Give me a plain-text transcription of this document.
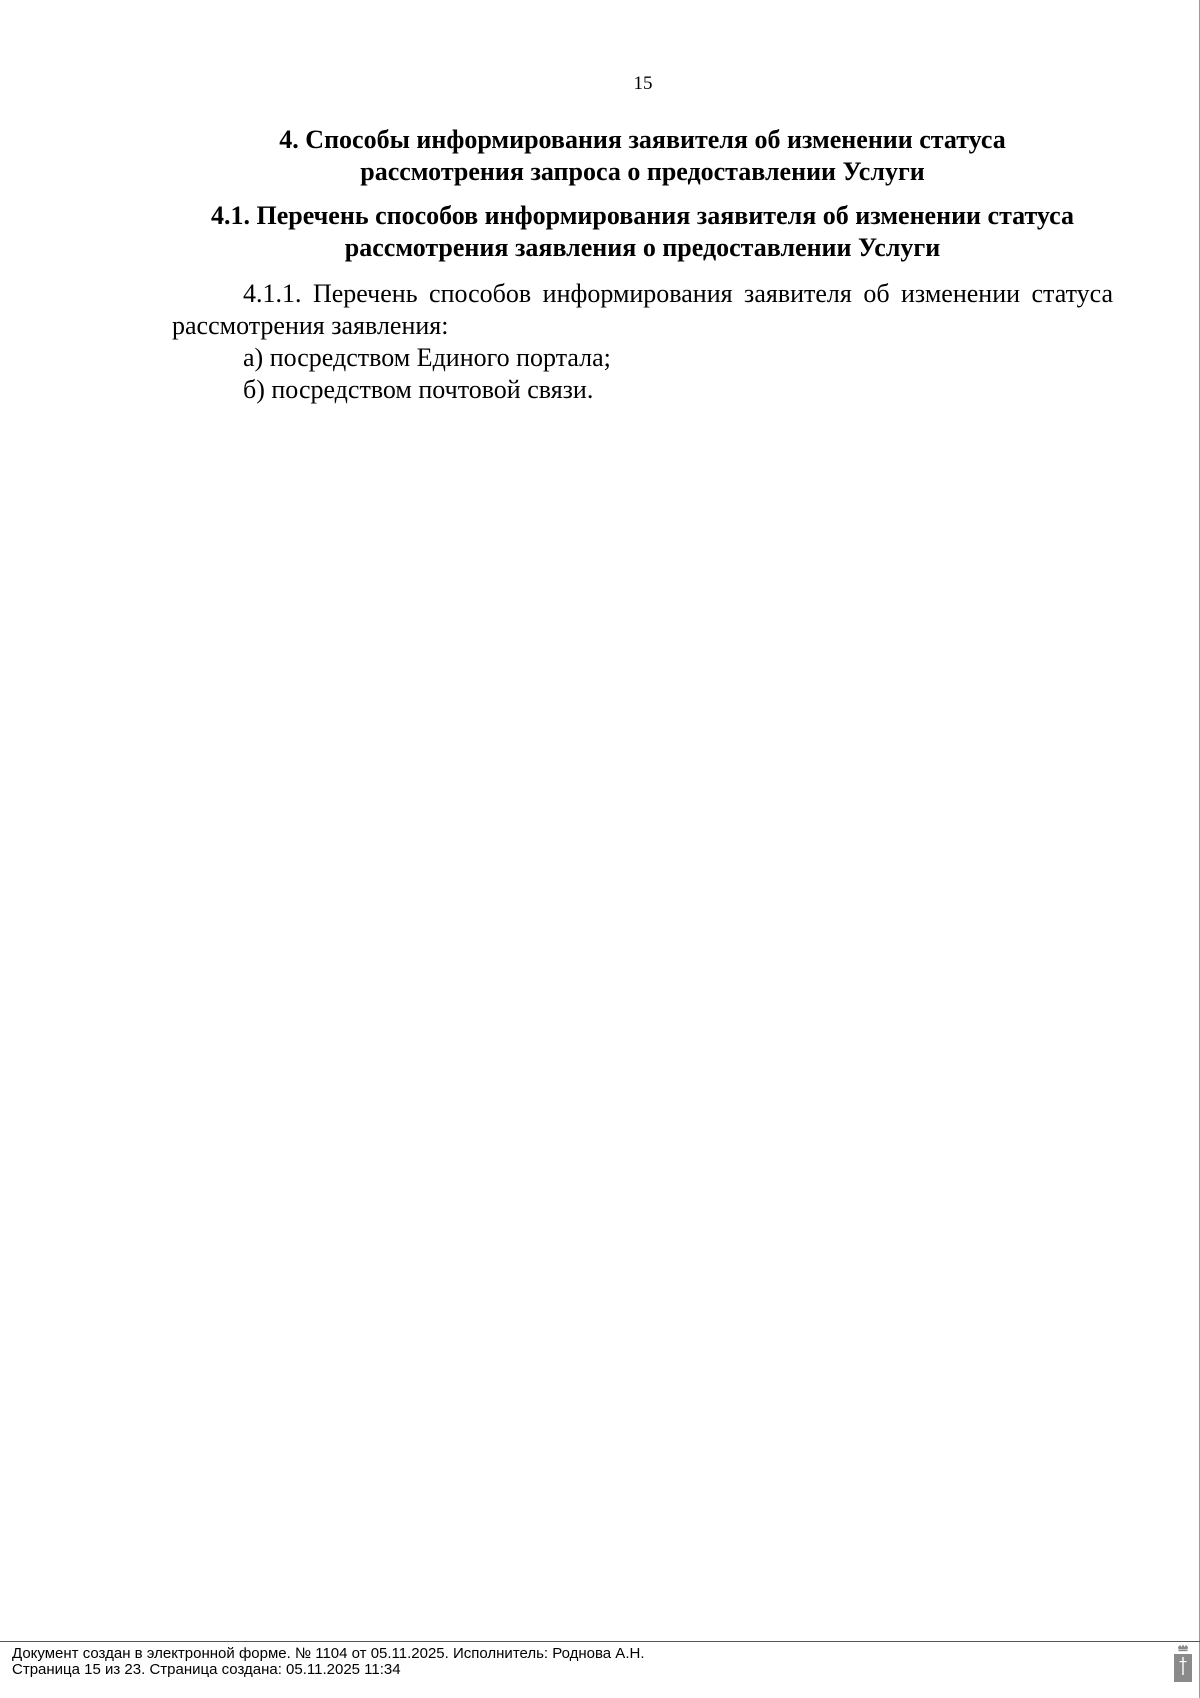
15
4. Способы информирования заявителя об изменении статуса
рассмотрения запроса о предоставлении Услуги
4.1. Перечень способов информирования заявителя об изменении статуса
рассмотрения заявления о предоставлении Услуги

4.1.1. Перечень способов информирования заявителя об изменении статуса рассмотрения заявления:

а) посредством Единого портала;

б) посредством почтовой связи.

Документ создан в электронной форме. № 1104 от 05.11.2025. Исполнитель: Роднова А.Н.
Страница 15 из 23. Страница создана: 05.11.2025 11:34
